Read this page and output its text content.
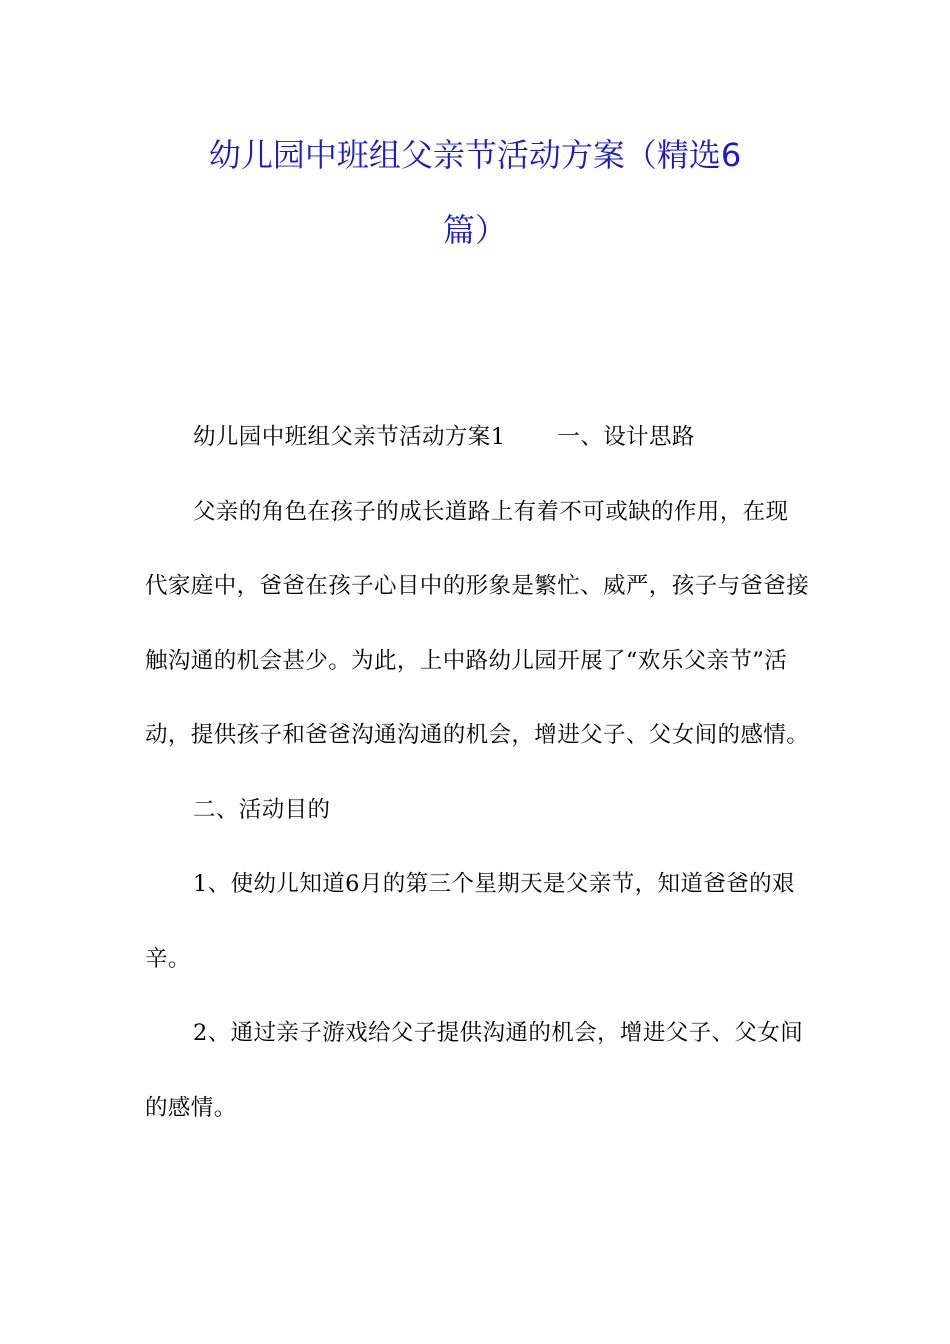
幼儿园中班组父亲节活动方案（精选6
篇）

幼儿园中班组父亲节活动方案1 一、设计思路

父亲的角色在孩子的成长道路上有着不可或缺的作用，在现代家庭中，爸爸在孩子心目中的形象是繁忙、威严，孩子与爸爸接触沟通的机会甚少。为此，上中路幼儿园开展了“欢乐父亲节”活动，提供孩子和爸爸沟通沟通的机会，增进父子、父女间的感情。

二、活动目的

1、使幼儿知道6月的第三个星期天是父亲节，知道爸爸的艰辛。

2、通过亲子游戏给父子提供沟通的机会，增进父子、父女间的感情。
